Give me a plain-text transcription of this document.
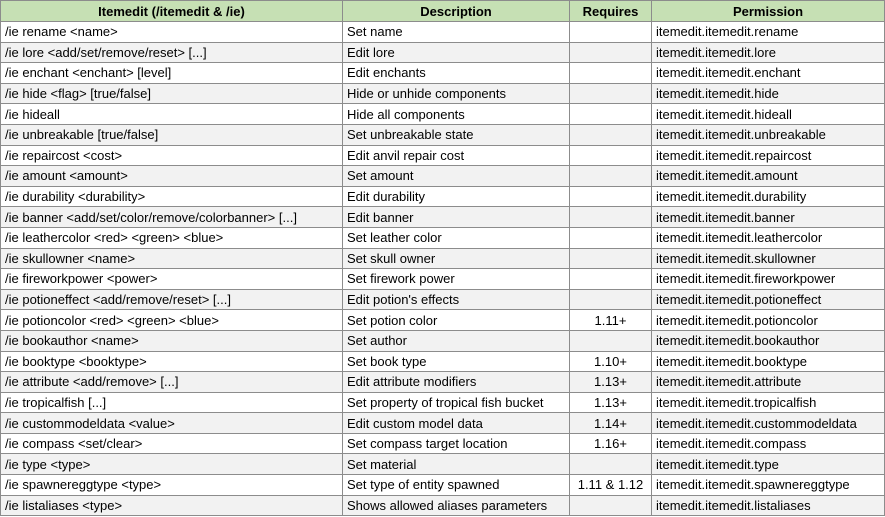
Itemedit (/itemedit & /ie)	Description	Requires	Permission
/ie rename <name>	Set name		itemedit.itemedit.rename
/ie lore <add/set/remove/reset> [...]	Edit lore		itemedit.itemedit.lore
/ie enchant <enchant> [level]	Edit enchants		itemedit.itemedit.enchant
/ie hide <flag> [true/false]	Hide or unhide components		itemedit.itemedit.hide
/ie hideall	Hide all components		itemedit.itemedit.hideall
/ie unbreakable [true/false]	Set unbreakable state		itemedit.itemedit.unbreakable
/ie repaircost <cost>	Edit anvil repair cost		itemedit.itemedit.repaircost
/ie amount <amount>	Set amount		itemedit.itemedit.amount
/ie durability <durability>	Edit durability		itemedit.itemedit.durability
/ie banner <add/set/color/remove/colorbanner> [...]	Edit banner		itemedit.itemedit.banner
/ie leathercolor <red> <green> <blue>	Set leather color		itemedit.itemedit.leathercolor
/ie skullowner <name>	Set skull owner		itemedit.itemedit.skullowner
/ie fireworkpower <power>	Set firework power		itemedit.itemedit.fireworkpower
/ie potioneffect <add/remove/reset> [...]	Edit potion's effects		itemedit.itemedit.potioneffect
/ie potioncolor <red> <green> <blue>	Set potion color	1.11+	itemedit.itemedit.potioncolor
/ie bookauthor <name>	Set author		itemedit.itemedit.bookauthor
/ie booktype <booktype>	Set book type	1.10+	itemedit.itemedit.booktype
/ie attribute <add/remove> [...]	Edit attribute modifiers	1.13+	itemedit.itemedit.attribute
/ie tropicalfish [...]	Set property of tropical fish bucket	1.13+	itemedit.itemedit.tropicalfish
/ie custommodeldata <value>	Edit custom model data	1.14+	itemedit.itemedit.custommodeldata
/ie compass <set/clear>	Set compass target location	1.16+	itemedit.itemedit.compass
/ie type <type>	Set material		itemedit.itemedit.type
/ie spawnereggtype <type>	Set type of entity spawned	1.11 & 1.12	itemedit.itemedit.spawnereggtype
/ie listaliases <type>	Shows allowed aliases parameters		itemedit.itemedit.listaliases
